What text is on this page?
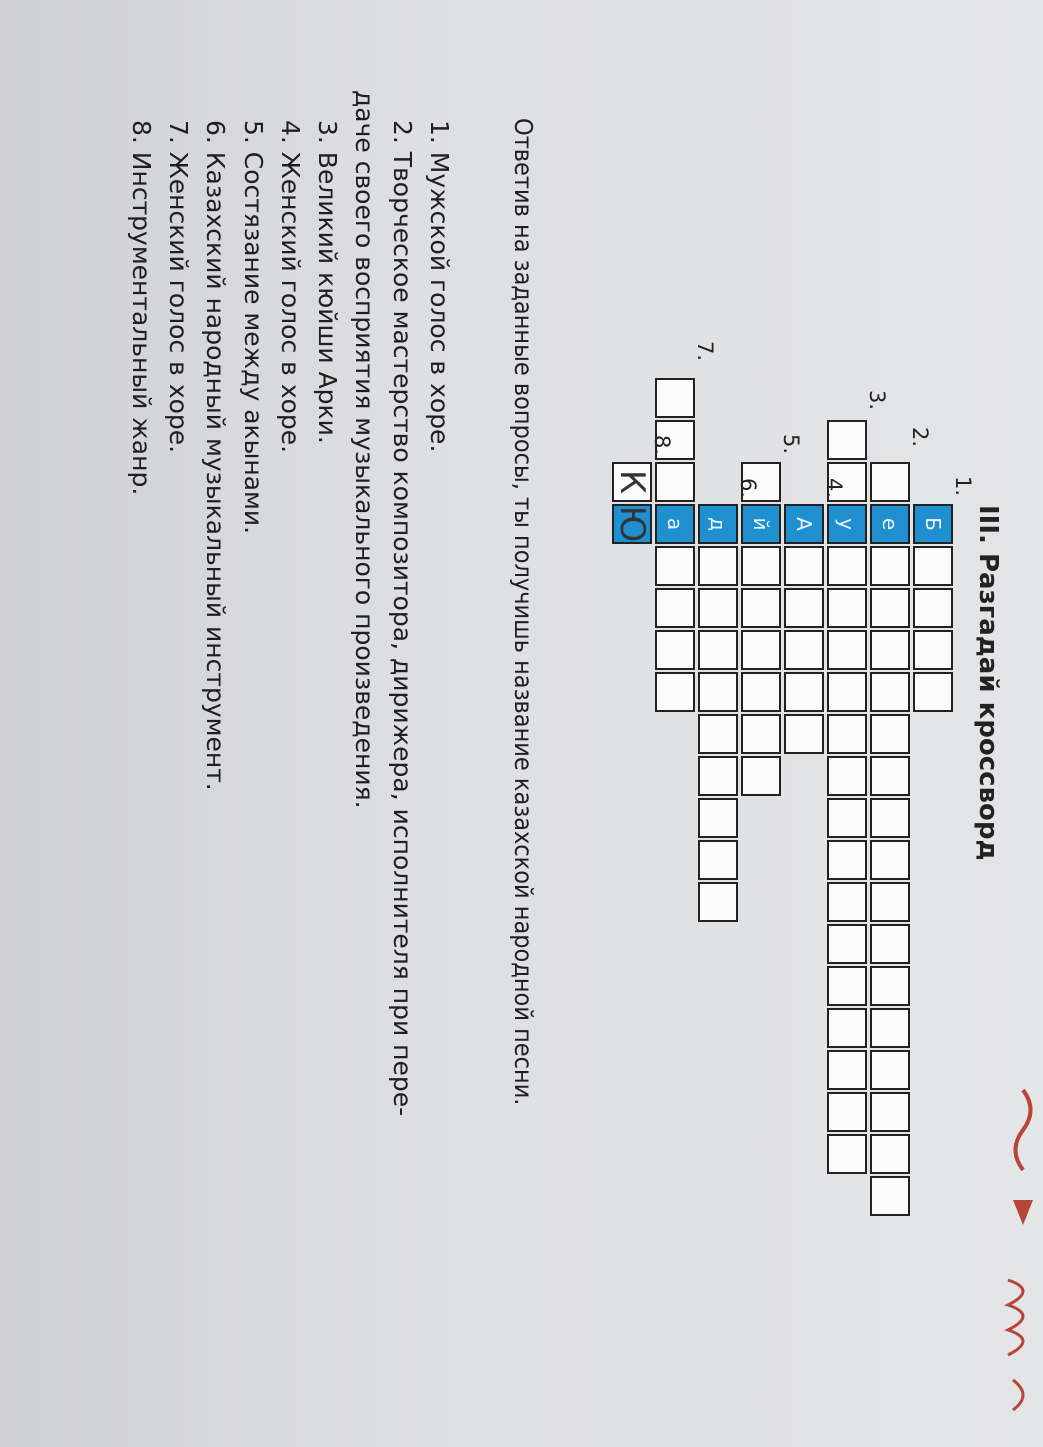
III. Разгадай кроссворд
Б
1.
е
2.
у
3.
А
4.
й
5.
д
6.
а
7.
К
Ю
8.

Ответив на заданные вопросы, ты получишь название казахской народной песни.

1. Мужской голос в хоре.
2. Творческое мастерство композитора, дирижера, исполнителя при пере-
дачe своего восприятия музыкального произведения.
3. Великий кюйши Арки.
4. Женский голос в хоре.
5. Состязание между акынами.
6. Казахский народный музыкальный инструмент.
7. Женский голос в хоре.
8. Инструментальный жанр.
